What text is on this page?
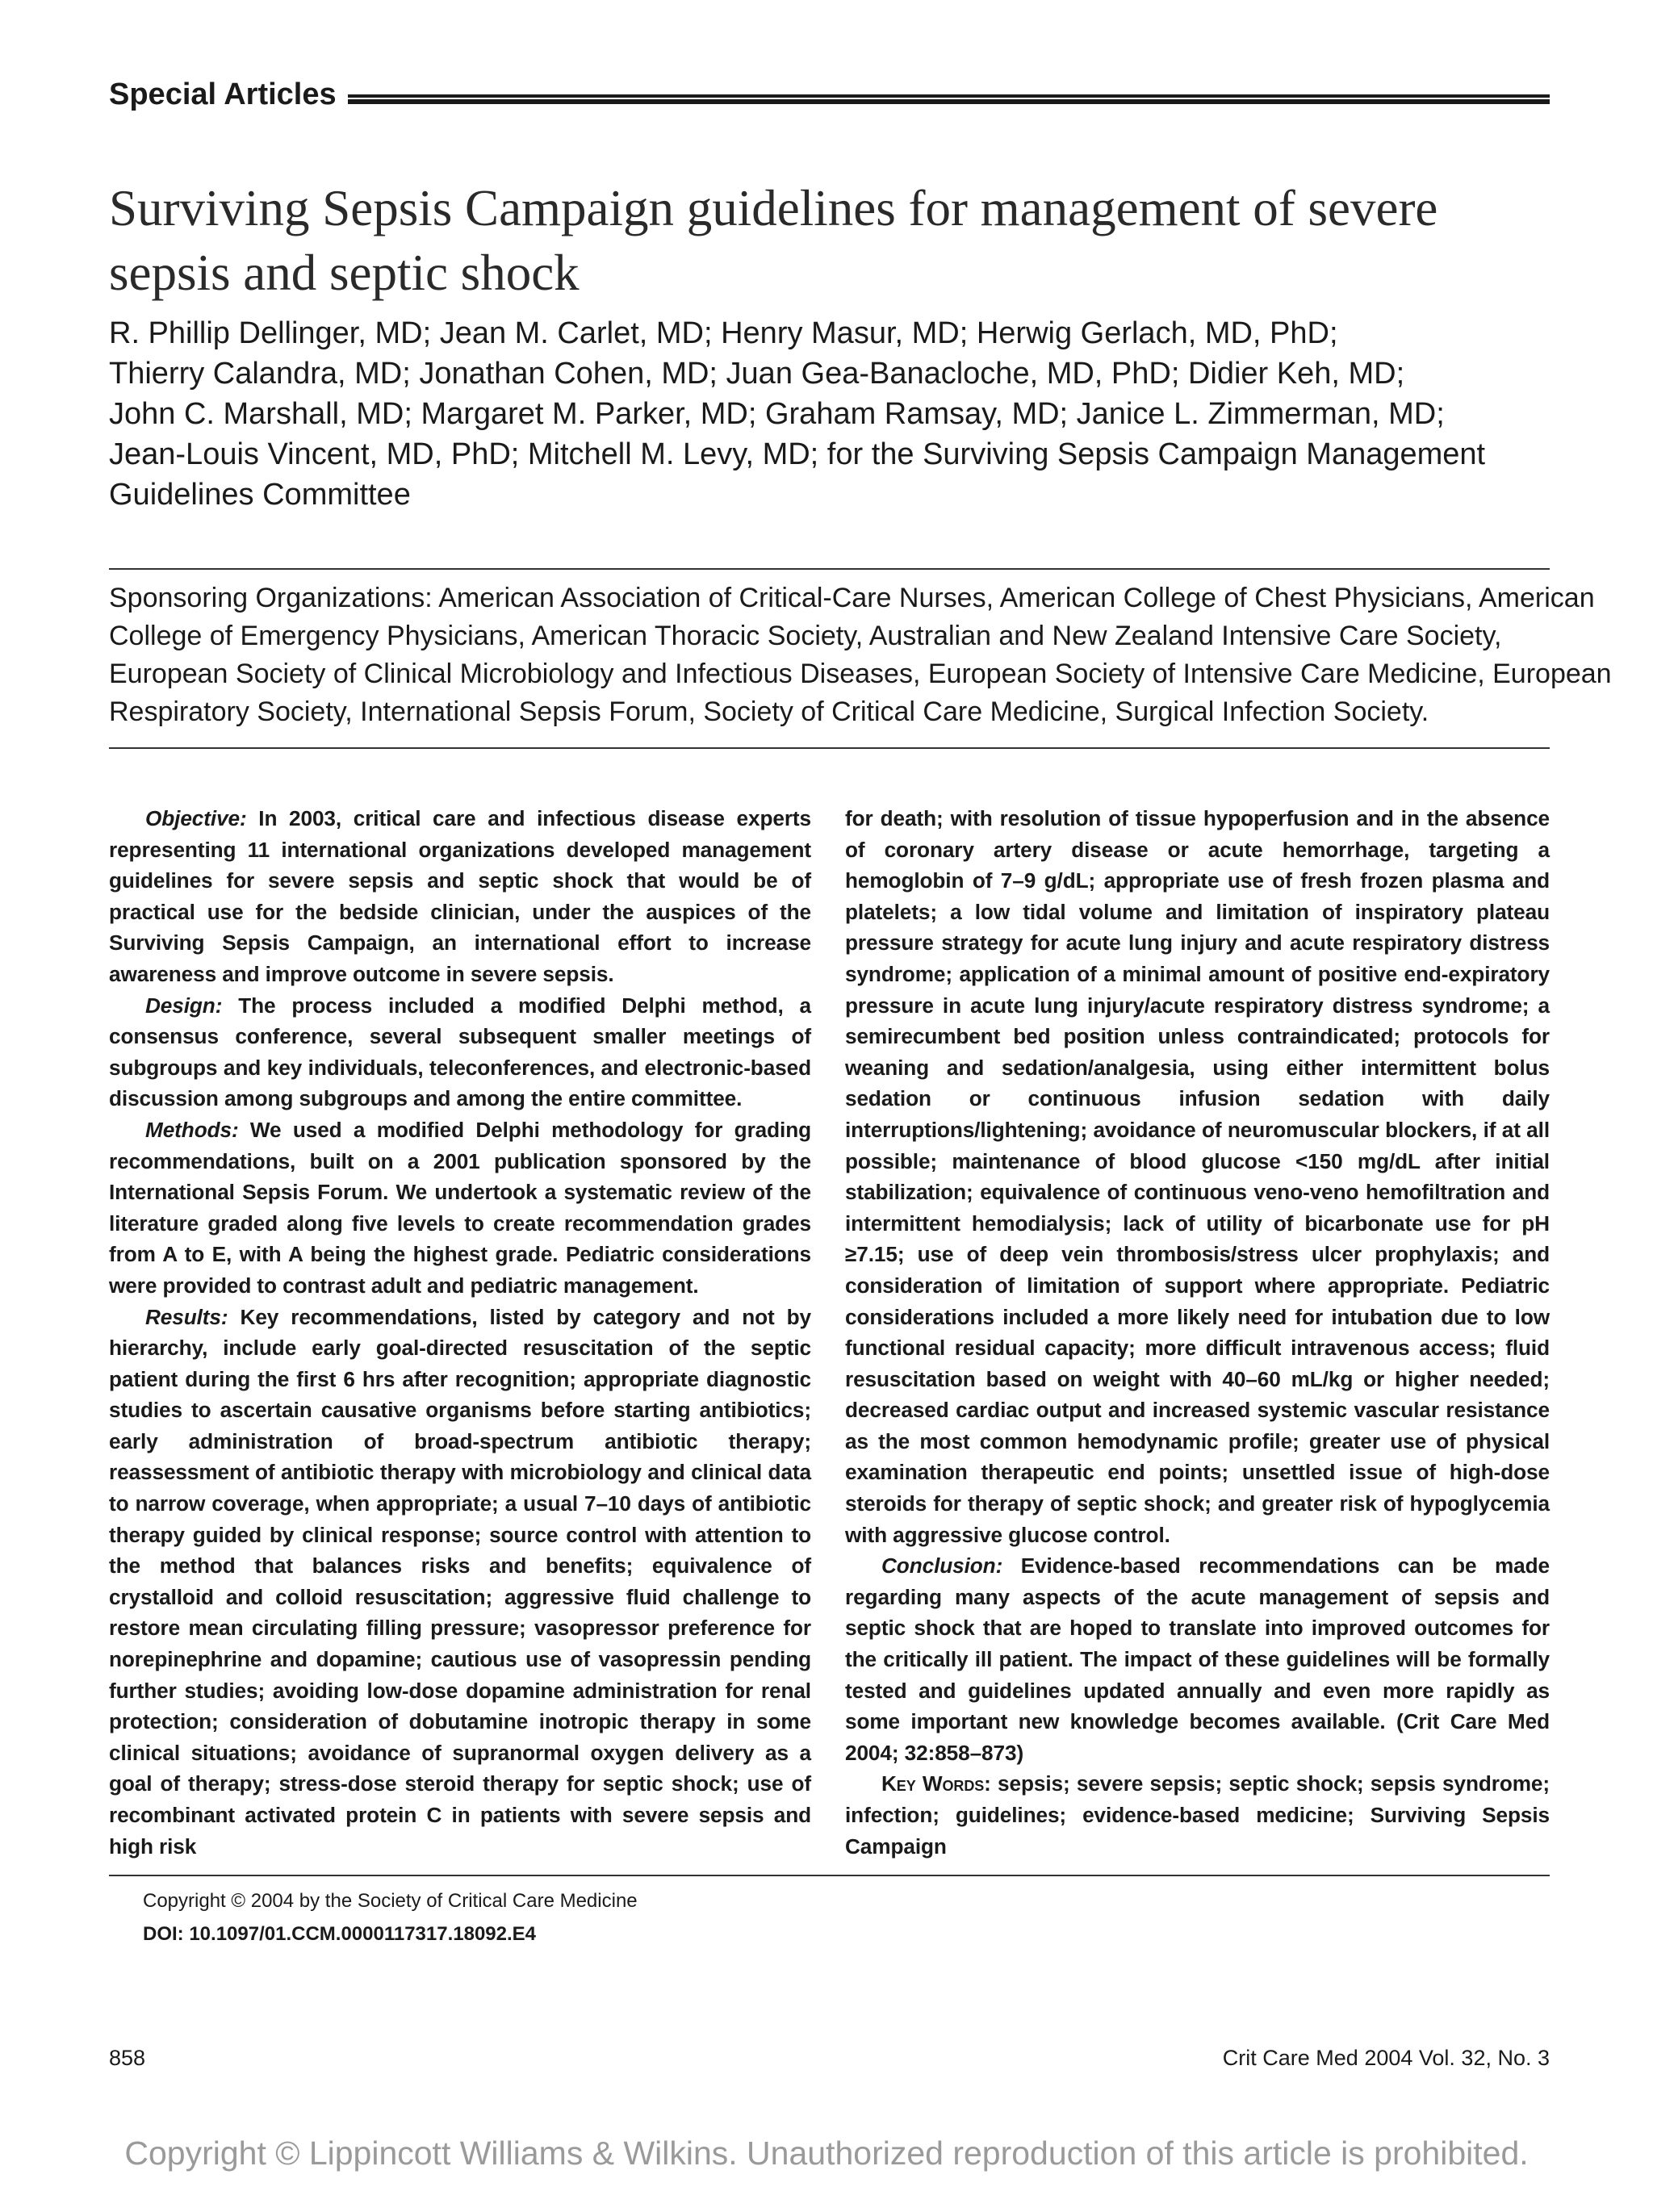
Special Articles
Surviving Sepsis Campaign guidelines for management of severe sepsis and septic shock
R. Phillip Dellinger, MD; Jean M. Carlet, MD; Henry Masur, MD; Herwig Gerlach, MD, PhD;
Thierry Calandra, MD; Jonathan Cohen, MD; Juan Gea-Banacloche, MD, PhD; Didier Keh, MD;
John C. Marshall, MD; Margaret M. Parker, MD; Graham Ramsay, MD; Janice L. Zimmerman, MD;
Jean-Louis Vincent, MD, PhD; Mitchell M. Levy, MD; for the Surviving Sepsis Campaign Management
Guidelines Committee
Sponsoring Organizations: American Association of Critical-Care Nurses, American College of Chest Physicians, American
College of Emergency Physicians, American Thoracic Society, Australian and New Zealand Intensive Care Society,
European Society of Clinical Microbiology and Infectious Diseases, European Society of Intensive Care Medicine, European
Respiratory Society, International Sepsis Forum, Society of Critical Care Medicine, Surgical Infection Society.

Objective: In 2003, critical care and infectious disease experts representing 11 international organizations developed management guidelines for severe sepsis and septic shock that would be of practical use for the bedside clinician, under the auspices of the Surviving Sepsis Campaign, an international effort to increase awareness and improve outcome in severe sepsis.

Design: The process included a modified Delphi method, a consensus conference, several subsequent smaller meetings of subgroups and key individuals, teleconferences, and electronic-based discussion among subgroups and among the entire committee.

Methods: We used a modified Delphi methodology for grading recommendations, built on a 2001 publication sponsored by the International Sepsis Forum. We undertook a systematic review of the literature graded along five levels to create recommendation grades from A to E, with A being the highest grade. Pediatric considerations were provided to contrast adult and pediatric management.

Results: Key recommendations, listed by category and not by hierarchy, include early goal-directed resuscitation of the septic patient during the first 6 hrs after recognition; appropriate diagnostic studies to ascertain causative organisms before starting antibiotics; early administration of broad-spectrum antibiotic therapy; reassessment of antibiotic therapy with microbiology and clinical data to narrow coverage, when appropriate; a usual 7–10 days of antibiotic therapy guided by clinical response; source control with attention to the method that balances risks and benefits; equivalence of crystalloid and colloid resuscitation; aggressive fluid challenge to restore mean circulating filling pressure; vasopressor preference for norepinephrine and dopamine; cautious use of vasopressin pending further studies; avoiding low-dose dopamine administration for renal protection; consideration of dobutamine inotropic therapy in some clinical situations; avoidance of supranormal oxygen delivery as a goal of therapy; stress-dose steroid therapy for septic shock; use of recombinant activated protein C in patients with severe sepsis and high risk

for death; with resolution of tissue hypoperfusion and in the absence of coronary artery disease or acute hemorrhage, targeting a hemoglobin of 7–9 g/dL; appropriate use of fresh frozen plasma and platelets; a low tidal volume and limitation of inspiratory plateau pressure strategy for acute lung injury and acute respiratory distress syndrome; application of a minimal amount of positive end-expiratory pressure in acute lung injury/acute respiratory distress syndrome; a semirecumbent bed position unless contraindicated; protocols for weaning and sedation/analgesia, using either intermittent bolus sedation or continuous infusion sedation with daily interruptions/lightening; avoidance of neuromuscular blockers, if at all possible; maintenance of blood glucose <150 mg/dL after initial stabilization; equivalence of continuous veno-veno hemofiltration and intermittent hemodialysis; lack of utility of bicarbonate use for pH ≥7.15; use of deep vein thrombosis/stress ulcer prophylaxis; and consideration of limitation of support where appropriate. Pediatric considerations included a more likely need for intubation due to low functional residual capacity; more difficult intravenous access; fluid resuscitation based on weight with 40–60 mL/kg or higher needed; decreased cardiac output and increased systemic vascular resistance as the most common hemodynamic profile; greater use of physical examination therapeutic end points; unsettled issue of high-dose steroids for therapy of septic shock; and greater risk of hypoglycemia with aggressive glucose control.

Conclusion: Evidence-based recommendations can be made regarding many aspects of the acute management of sepsis and septic shock that are hoped to translate into improved outcomes for the critically ill patient. The impact of these guidelines will be formally tested and guidelines updated annually and even more rapidly as some important new knowledge becomes available. (Crit Care Med 2004; 32:858–873)

Key Words: sepsis; severe sepsis; septic shock; sepsis syndrome; infection; guidelines; evidence-based medicine; Surviving Sepsis Campaign

Copyright © 2004 by the Society of Critical Care Medicine
DOI: 10.1097/01.CCM.0000117317.18092.E4
858	Crit Care Med 2004 Vol. 32, No. 3
Copyright © Lippincott Williams & Wilkins. Unauthorized reproduction of this article is prohibited.
